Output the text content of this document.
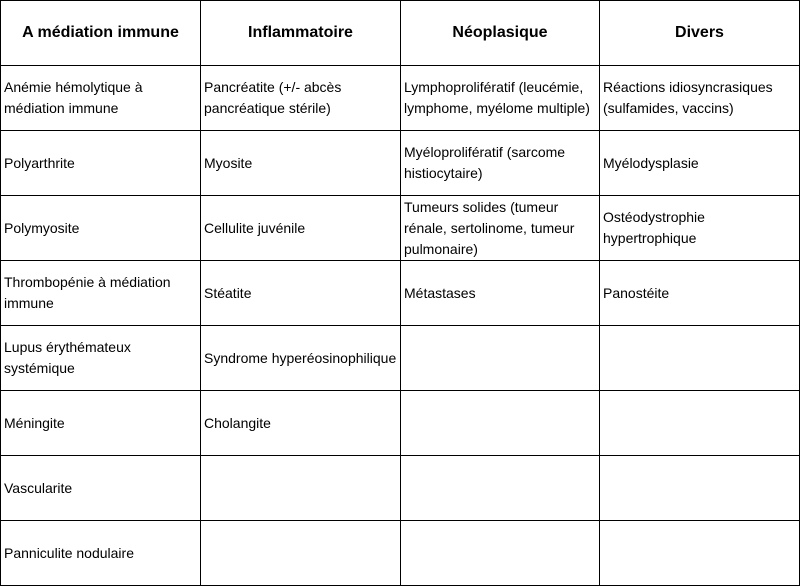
A médiation immune	Inflammatoire	Néoplasique	Divers
Anémie hémolytique à médiation immune	Pancréatite (+/- abcès pancréatique stérile)	Lymphoprolifératif (leucémie, lymphome, myélome multiple)	Réactions idiosyncrasiques (sulfamides, vaccins)
Polyarthrite	Myosite	Myéloprolifératif (sarcome histiocytaire)	Myélodysplasie
Polymyosite	Cellulite juvénile	Tumeurs solides (tumeur rénale, sertolinome, tumeur pulmonaire)	Ostéodystrophie hypertrophique
Thrombopénie à médiation immune	Stéatite	Métastases	Panostéite
Lupus érythémateux systémique	Syndrome hyperéosinophilique		
Méningite	Cholangite		
Vascularite			
Panniculite nodulaire			
